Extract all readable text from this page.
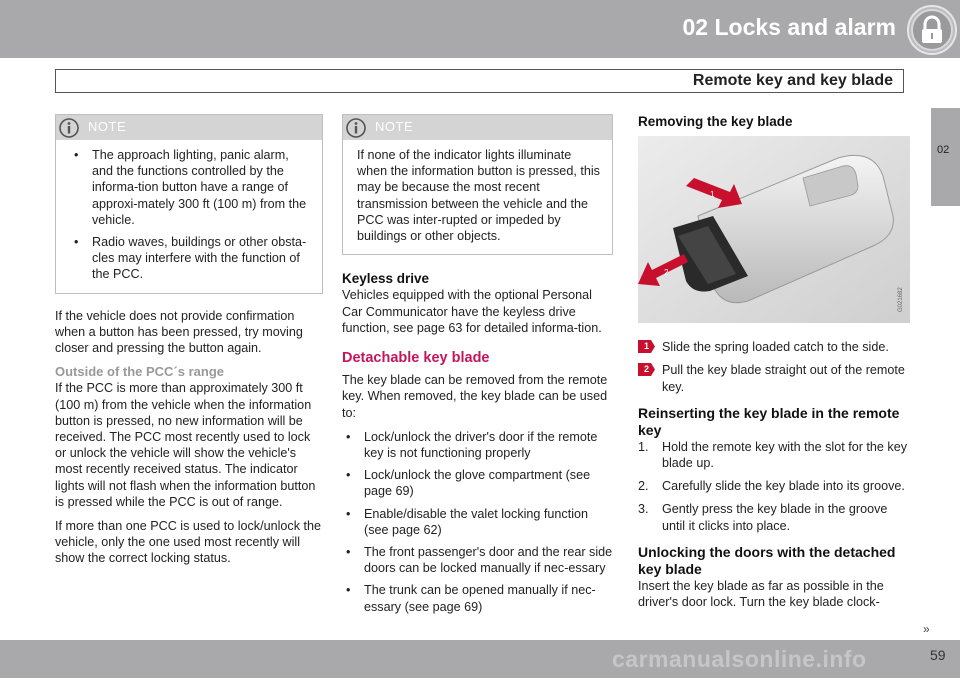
02 Locks and alarm
Remote key and key blade
02
NOTE
• The approach lighting, panic alarm, and the functions controlled by the informa-tion button have a range of approxi-mately 300 ft (100 m) from the vehicle.
• Radio waves, buildings or other obsta-cles may interfere with the function of the PCC.

If the vehicle does not provide confirmation when a button has been pressed, try moving closer and pressing the button again.

Outside of the PCC´s range

If the PCC is more than approximately 300 ft (100 m) from the vehicle when the information button is pressed, no new information will be received. The PCC most recently used to lock or unlock the vehicle will show the vehicle's most recently received status. The indicator lights will not flash when the information button is pressed while the PCC is out of range.

If more than one PCC is used to lock/unlock the vehicle, only the one used most recently will show the correct locking status.

NOTE
If none of the indicator lights illuminate when the information button is pressed, this may be because the most recent transmission between the vehicle and the PCC was inter-rupted or impeded by buildings or other objects.
Keyless drive

Vehicles equipped with the optional Personal Car Communicator have the keyless drive function, see page 63 for detailed informa-tion.

Detachable key blade

The key blade can be removed from the remote key. When removed, the key blade can be used to:

• Lock/unlock the driver's door if the remote key is not functioning properly
• Lock/unlock the glove compartment (see page 69)
• Enable/disable the valet locking function (see page 62)
• The front passenger's door and the rear side doors can be locked manually if nec-essary
• The trunk can be opened manually if nec-essary (see page 69)
Removing the key blade
1
2
G021682
1 Slide the spring loaded catch to the side.
2 Pull the key blade straight out of the remote key.
Reinserting the key blade in the remote key
1. Hold the remote key with the slot for the key blade up.
2. Carefully slide the key blade into its groove.
3. Gently press the key blade in the groove until it clicks into place.
Unlocking the doors with the detached key blade

Insert the key blade as far as possible in the driver's door lock. Turn the key blade clock-

carmanualsonline.info
»
59
